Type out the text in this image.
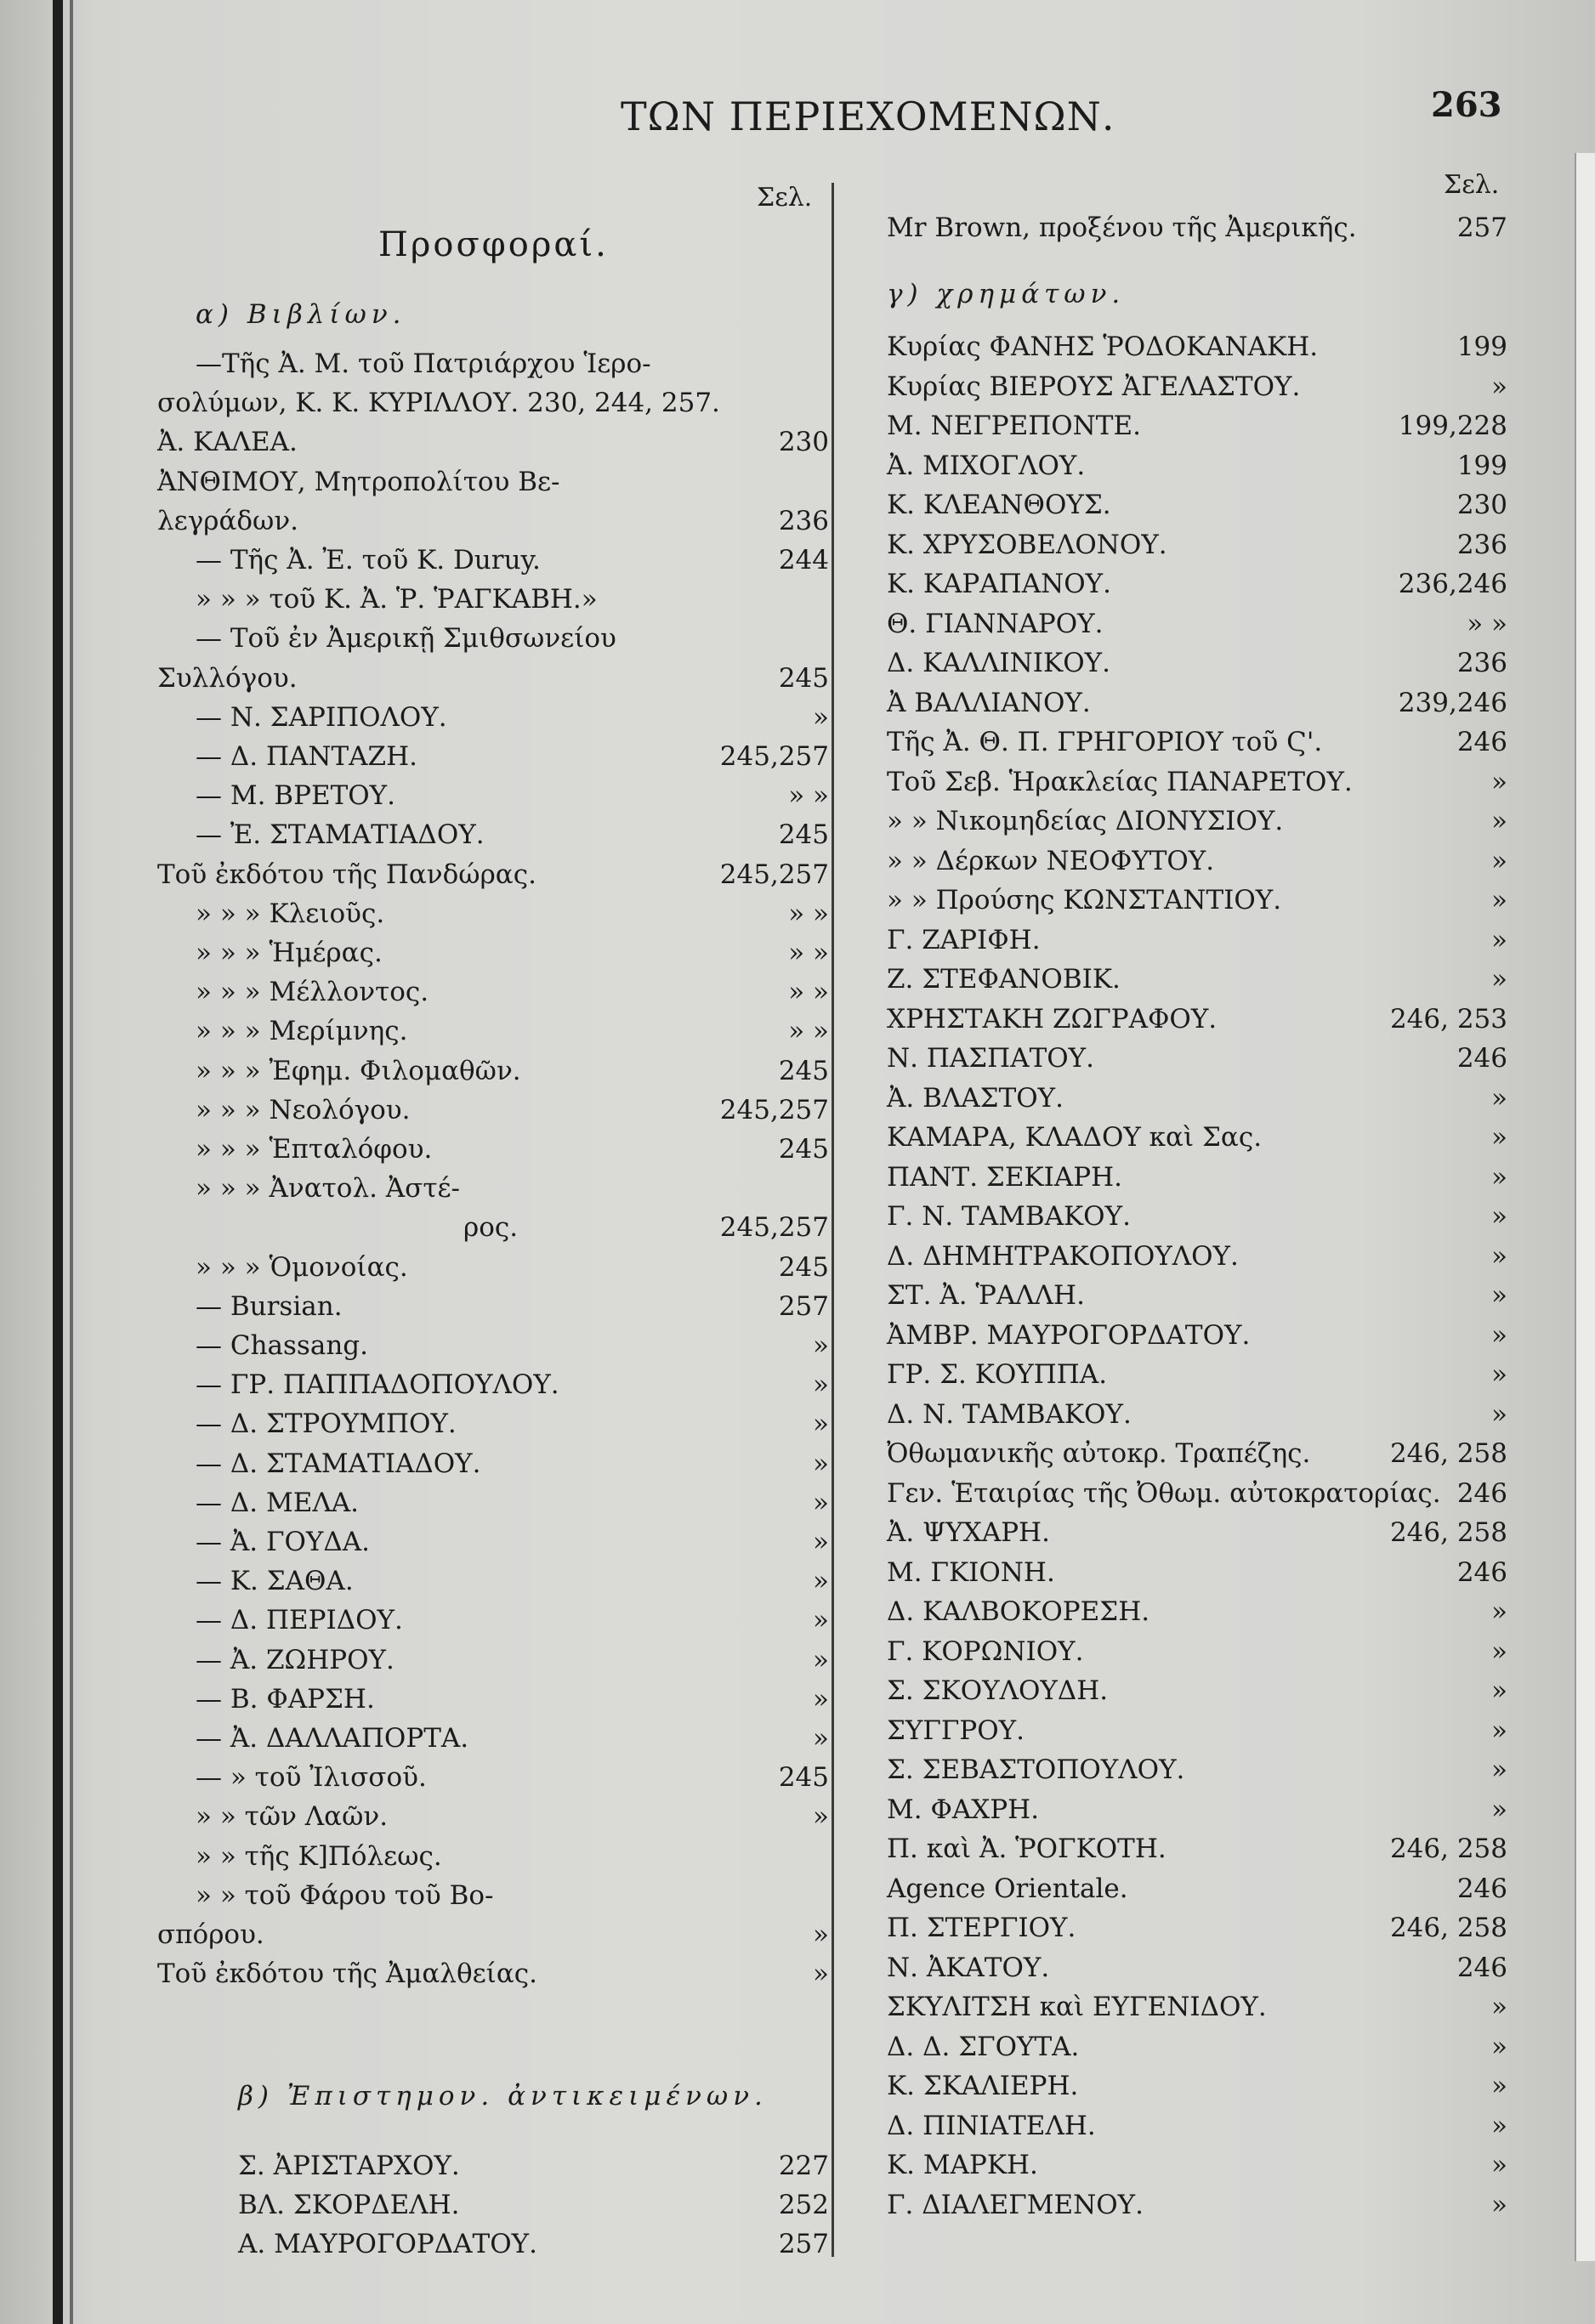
ΤΩΝ ΠΕΡΙΕΧΟΜΕΝΩΝ.	263
Σελ.
Προσφοραί.
α) Βιβλίων.
—Τῆς Ἀ. Μ. τοῦ Πατριάρχου Ἱερο-
σολύμων, Κ. Κ. ΚΥΡΙΛΛΟΥ. 230, 244, 257.
Ἀ. ΚΑΛΕΑ.	230
ἈΝΘΙΜΟΥ, Μητροπολίτου Βε-
λεγράδων.	236
— Τῆς Ἀ. Ἐ. τοῦ Κ. Duruy.	244
» » » τοῦ Κ. Ἀ. Ῥ. ῬΑΓΚΑΒΗ.»
— Τοῦ ἐν Ἀμερικῇ Σμιθσωνείου
Συλλόγου.	245
— Ν. ΣΑΡΙΠΟΛΟΥ.	»
— Δ. ΠΑΝΤΑΖΗ.	245,257
— Μ. ΒΡΕΤΟΥ.	» »
— Ἐ. ΣΤΑΜΑΤΙΑΔΟΥ.	245
Τοῦ ἐκδότου τῆς Πανδώρας.	245,257
» » » Κλειοῦς.	» »
» » » Ἡμέρας.	» »
» » » Μέλλοντος.	» »
» » » Μερίμνης.	» »
» » » Ἐφημ. Φιλομαθῶν.	245
» » » Νεολόγου.	245,257
» » » Ἑπταλόφου.	245
» » » Ἀνατολ. Ἀστέ-
ρος.	245,257
» » » Ὁμονοίας.	245
— Bursian.	257
— Chassang.	»
— ΓΡ. ΠΑΠΠΑΔΟΠΟΥΛΟΥ.	»
— Δ. ΣΤΡΟΥΜΠΟΥ.	»
— Δ. ΣΤΑΜΑΤΙΑΔΟΥ.	»
— Δ. ΜΕΛΑ.	»
— Ἀ. ΓΟΥΔΑ.	»
— Κ. ΣΑΘΑ.	»
— Δ. ΠΕΡΙΔΟΥ.	»
— Ἀ. ΖΩΗΡΟΥ.	»
— Β. ΦΑΡΣΗ.	»
— Ἀ. ΔΑΛΛΑΠΟΡΤΑ.	»
— » τοῦ Ἰλισσοῦ.	245
» » τῶν Λαῶν.	»
» » τῆς Κ]Πόλεως.
» » τοῦ Φάρου τοῦ Βο-
σπόρου.	»
Τοῦ ἐκδότου τῆς Ἀμαλθείας.	»
β) Ἐπιστημον. ἀντικειμένων.
Σ. ἈΡΙΣΤΑΡΧΟΥ.	227
ΒΛ. ΣΚΟΡΔΕΛΗ.	252
Α. ΜΑΥΡΟΓΟΡΔΑΤΟΥ.	257
Σελ.
Mr Brown, προξένου τῆς Ἀμερικῆς.	257
γ) χρημάτων.
Κυρίας ΦΑΝΗΣ ῬΟΔΟΚΑΝΑΚΗ.	199
Κυρίας ΒΙΕΡΟΥΣ ἈΓΕΛΑΣΤΟΥ.	»
Μ. ΝΕΓΡΕΠΟΝΤΕ.	199,228
Ἀ. ΜΙΧΟΓΛΟΥ.	199
Κ. ΚΛΕΑΝΘΟΥΣ.	230
Κ. ΧΡΥΣΟΒΕΛΟΝΟΥ.	236
Κ. ΚΑΡΑΠΑΝΟΥ.	236,246
Θ. ΓΙΑΝΝΑΡΟΥ.	» »
Δ. ΚΑΛΛΙΝΙΚΟΥ.	236
Ἀ ΒΑΛΛΙΑΝΟΥ.	239,246
Τῆς Ἀ. Θ. Π. ΓΡΗΓΟΡΙΟΥ τοῦ Ϛ'.	246
Τοῦ Σεβ. Ἡρακλείας ΠΑΝΑΡΕΤΟΥ.	»
» » Νικομηδείας ΔΙΟΝΥΣΙΟΥ.	»
» » Δέρκων ΝΕΟΦΥΤΟΥ.	»
» » Προύσης ΚΩΝΣΤΑΝΤΙΟΥ.	»
Γ. ΖΑΡΙΦΗ.	»
Ζ. ΣΤΕΦΑΝΟΒΙΚ.	»
ΧΡΗΣΤΑΚΗ ΖΩΓΡΑΦΟΥ.	246, 253
Ν. ΠΑΣΠΑΤΟΥ.	246
Ἀ. ΒΛΑΣΤΟΥ.	»
ΚΑΜΑΡΑ, ΚΛΑΔΟΥ καὶ Σας.	»
ΠΑΝΤ. ΣΕΚΙΑΡΗ.	»
Γ. Ν. ΤΑΜΒΑΚΟΥ.	»
Δ. ΔΗΜΗΤΡΑΚΟΠΟΥΛΟΥ.	»
ΣΤ. Ἀ. ῬΑΛΛΗ.	»
ἈΜΒΡ. ΜΑΥΡΟΓΟΡΔΑΤΟΥ.	»
ΓΡ. Σ. ΚΟΥΠΠΑ.	»
Δ. Ν. ΤΑΜΒΑΚΟΥ.	»
Ὀθωμανικῆς αὐτοκρ. Τραπέζης.	246, 258
Γεν. Ἑταιρίας τῆς Ὀθωμ. αὐτοκρατορίας. 246
Ἀ. ΨΥΧΑΡΗ.	246, 258
Μ. ΓΚΙΟΝΗ.	246
Δ. ΚΑΛΒΟΚΟΡΕΣΗ.	»
Γ. ΚΟΡΩΝΙΟΥ.	»
Σ. ΣΚΟΥΛΟΥΔΗ.	»
ΣΥΓΓΡΟΥ.	»
Σ. ΣΕΒΑΣΤΟΠΟΥΛΟΥ.	»
Μ. ΦΑΧΡΗ.	»
Π. καὶ Ἀ. ῬΟΓΚΟΤΗ.	246, 258
Agence Orientale.	246
Π. ΣΤΕΡΓΙΟΥ.	246, 258
Ν. ἈΚΑΤΟΥ.	246
ΣΚΥΛΙΤΣΗ καὶ ΕΥΓΕΝΙΔΟΥ.	»
Δ. Δ. ΣΓΟΥΤΑ.	»
Κ. ΣΚΑΛΙΕΡΗ.	»
Δ. ΠΙΝΙΑΤΕΛΗ.	»
Κ. ΜΑΡΚΗ.	»
Γ. ΔΙΑΛΕΓΜΕΝΟΥ.	»
